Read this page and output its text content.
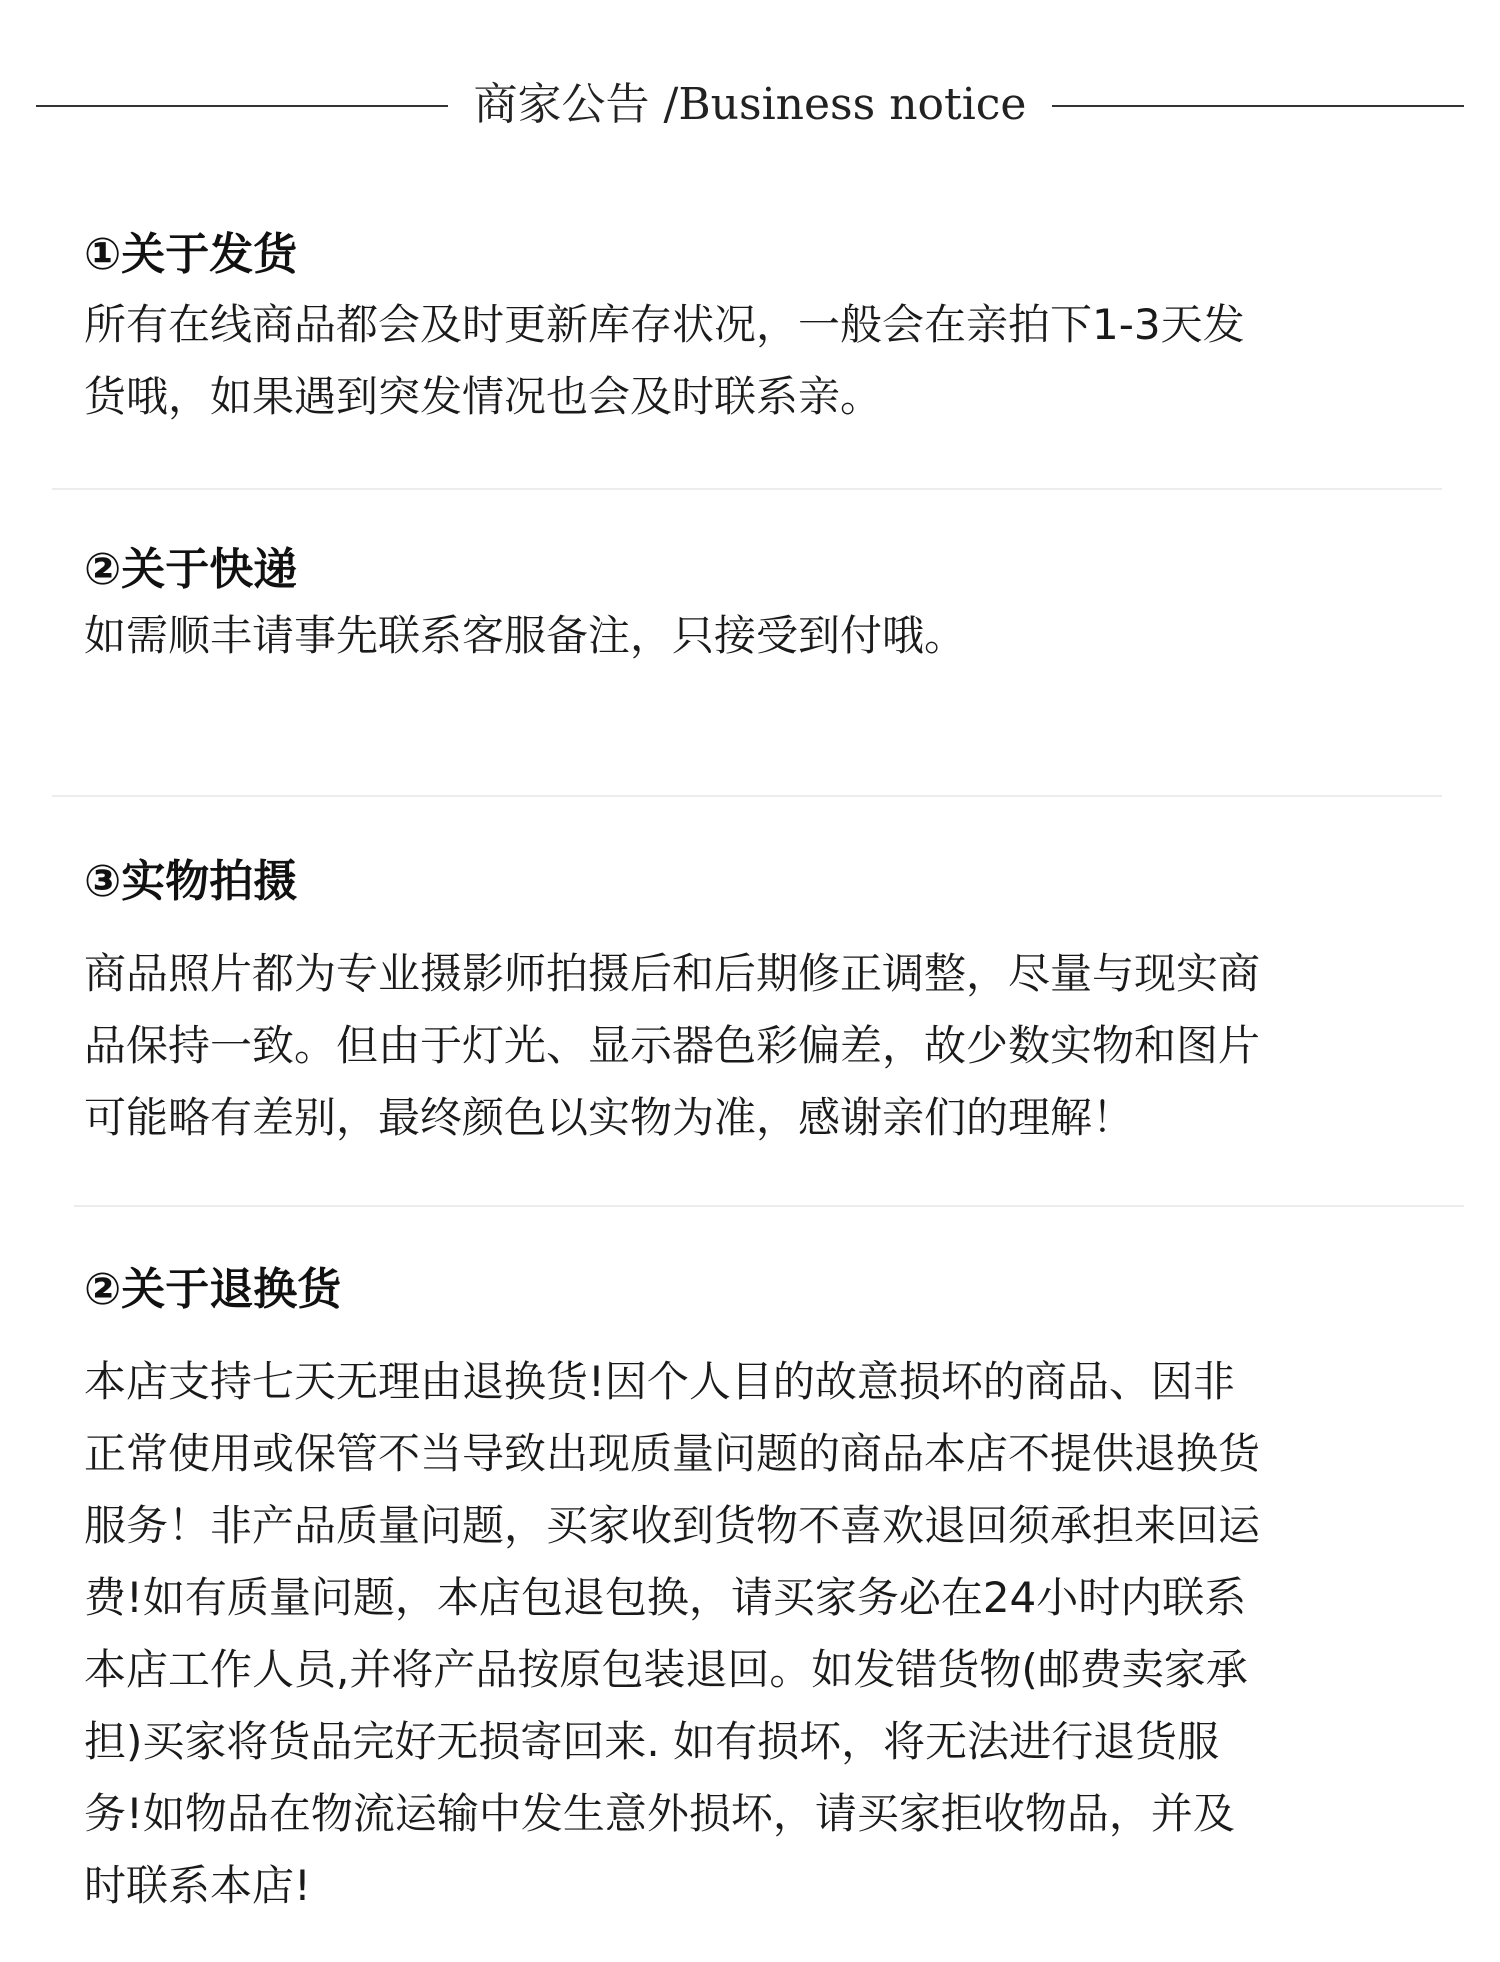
商家公告 /Business notice
①关于发货

所有在线商品都会及时更新库存状况，一般会在亲拍下1-3天发
货哦，如果遇到突发情况也会及时联系亲。

②关于快递

如需顺丰请事先联系客服备注，只接受到付哦。

③实物拍摄

商品照片都为专业摄影师拍摄后和后期修正调整，尽量与现实商
品保持一致。但由于灯光、显示器色彩偏差，故少数实物和图片
可能略有差别，最终颜色以实物为准，感谢亲们的理解！

②关于退换货

本店支持七天无理由退换货!因个人目的故意损坏的商品、因非
正常使用或保管不当导致出现质量问题的商品本店不提供退换货
服务！非产品质量问题，买家收到货物不喜欢退回须承担来回运
费!如有质量问题，本店包退包换，请买家务必在24小时内联系
本店工作人员,并将产品按原包装退回。如发错货物(邮费卖家承
担)买家将货品完好无损寄回来. 如有损坏，将无法进行退货服
务!如物品在物流运输中发生意外损坏，请买家拒收物品，并及
时联系本店!
